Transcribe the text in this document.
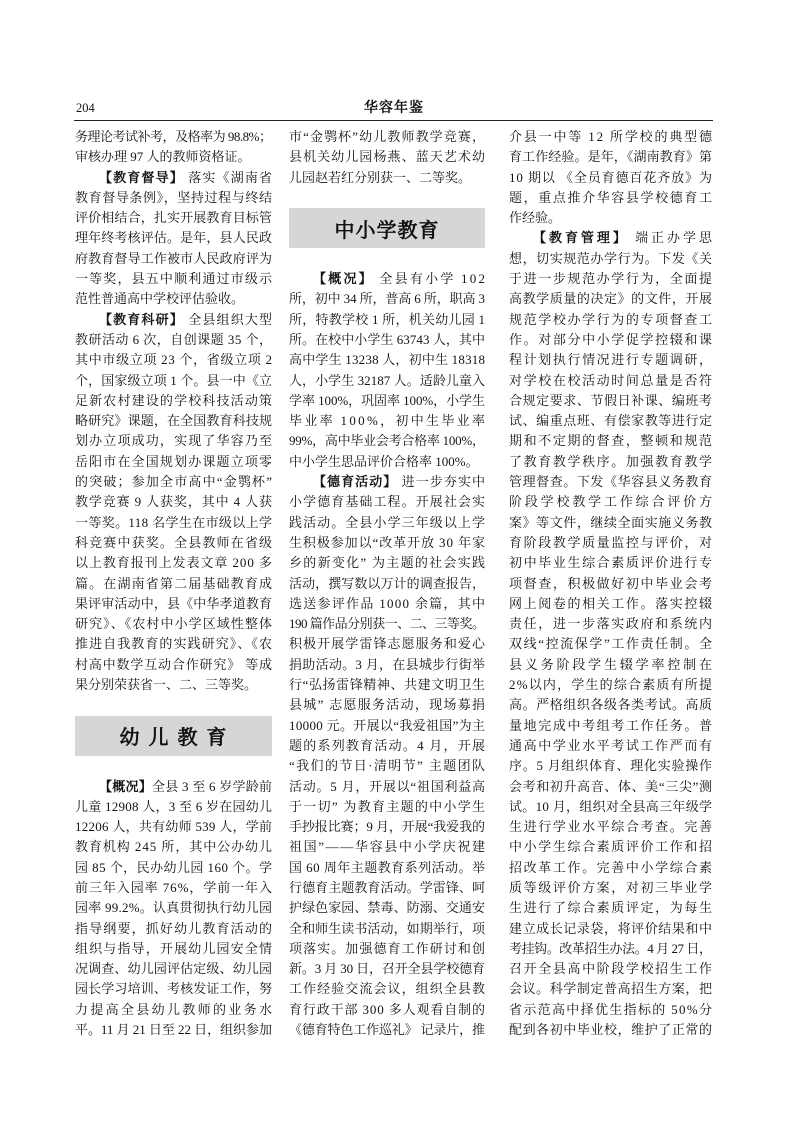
204	华容年鉴
务理论考试补考，及格率为 98.8%；
审核办理 97 人的教师资格证。
【教育督导】 落实《湖南省
教育督导条例》，坚持过程与终结
评价相结合，扎实开展教育目标管
理年终考核评估。是年，县人民政
府教育督导工作被市人民政府评为
一等奖，县五中顺利通过市级示
范性普通高中学校评估验收。
【教育科研】 全县组织大型
教研活动 6 次，自创课题 35 个，
其中市级立项 23 个，省级立项 2
个，国家级立项 1 个。县一中《立
足新农村建设的学校科技活动策
略研究》课题，在全国教育科技规
划办立项成功，实现了华容乃至
岳阳市在全国规划办课题立项零
的突破；参加全市高中“金鹗杯”
教学竞赛 9 人获奖，其中 4 人获
一等奖。118 名学生在市级以上学
科竞赛中获奖。全县教师在省级
以上教育报刊上发表文章 200 多
篇。在湖南省第二届基础教育成
果评审活动中，县《中华孝道教育
研究》、《农村中小学区域性整体
推进自我教育的实践研究》、《农
村高中数学互动合作研究》 等成
果分别荣获省一、二、三等奖。
幼 儿 教 育
【概况】全县 3 至 6 岁学龄前
儿童 12908 人，3 至 6 岁在园幼儿
12206 人，共有幼师 539 人，学前
教育机构 245 所，其中公办幼儿
园 85 个，民办幼儿园 160 个。学
前三年入园率 76%，学前一年入
园率 99.2%。认真贯彻执行幼儿园
指导纲要，抓好幼儿教育活动的
组织与指导，开展幼儿园安全情
况调查、幼儿园评估定级、幼儿园
园长学习培训、考核发证工作，努
力提高全县幼儿教师的业务水
平。11 月 21 日至 22 日，组织参加
市“金鹗杯”幼儿教师教学竞赛，
县机关幼儿园杨燕、蓝天艺术幼
儿园赵若红分别获一、二等奖。
中小学教育
【概况】 全县有小学 102
所，初中 34 所，普高 6 所，职高 3
所，特教学校 1 所，机关幼儿园 1
所。在校中小学生 63743 人，其中
高中学生 13238 人，初中生 18318
人，小学生 32187 人。适龄儿童入
学率 100%，巩固率 100%，小学生
毕业率 100%，初中生毕业率
99%，高中毕业会考合格率 100%，
中小学生思品评价合格率 100%。
【德育活动】 进一步夯实中
小学德育基础工程。开展社会实
践活动。全县小学三年级以上学
生积极参加以“改革开放 30 年家
乡的新变化” 为主题的社会实践
活动，撰写数以万计的调查报告，
选送参评作品 1000 余篇，其中
190 篇作品分别获一、二、三等奖。
积极开展学雷锋志愿服务和爱心
捐助活动。3 月，在县城步行街举
行“弘扬雷锋精神、共建文明卫生
县城” 志愿服务活动，现场募捐
10000 元。开展以“我爱祖国”为主
题的系列教育活动。4 月，开展
“我们的节日·清明节” 主题团队
活动。5 月，开展以“祖国利益高
于一切” 为教育主题的中小学生
手抄报比赛；9 月，开展“我爱我的
祖国”——华容县中小学庆祝建
国 60 周年主题教育系列活动。举
行德育主题教育活动。学雷锋、呵
护绿色家园、禁毒、防溺、交通安
全和师生读书活动，如期举行，项
项落实。加强德育工作研讨和创
新。3 月 30 日，召开全县学校德育
工作经验交流会议，组织全县教
育行政干部 300 多人观看自制的
《德育特色工作巡礼》 记录片，推
介县一中等 12 所学校的典型德
育工作经验。是年，《湖南教育》第
10 期以 《全员育德百花齐放》为
题，重点推介华容县学校德育工
作经验。
【教育管理】 端正办学思
想，切实规范办学行为。下发《关
于进一步规范办学行为，全面提
高教学质量的决定》的文件，开展
规范学校办学行为的专项督查工
作。对部分中小学促学控辍和课
程计划执行情况进行专题调研，
对学校在校活动时间总量是否符
合规定要求、节假日补课、编班考
试、编重点班、有偿家教等进行定
期和不定期的督查，整顿和规范
了教育教学秩序。加强教育教学
管理督查。下发《华容县义务教育
阶段学校教学工作综合评价方
案》等文件，继续全面实施义务教
育阶段教学质量监控与评价，对
初中毕业生综合素质评价进行专
项督查，积极做好初中毕业会考
网上阅卷的相关工作。落实控辍
责任，进一步落实政府和系统内
双线“控流保学”工作责任制。全
县义务阶段学生辍学率控制在
2%以内，学生的综合素质有所提
高。严格组织各级各类考试。高质
量地完成中考组考工作任务。普
通高中学业水平考试工作严而有
序。5 月组织体育、理化实验操作
会考和初升高音、体、美“三尖”测
试。10 月，组织对全县高三年级学
生进行学业水平综合考查。完善
中小学生综合素质评价工作和招
招改革工作。完善中小学综合素
质等级评价方案，对初三毕业学
生进行了综合素质评定，为每生
建立成长记录袋，将评价结果和中
考挂钩。改革招生办法。4 月 27 日，
召开全县高中阶段学校招生工作
会议。科学制定普高招生方案，把
省示范高中择优生指标的 50%分
配到各初中毕业校，维护了正常的
